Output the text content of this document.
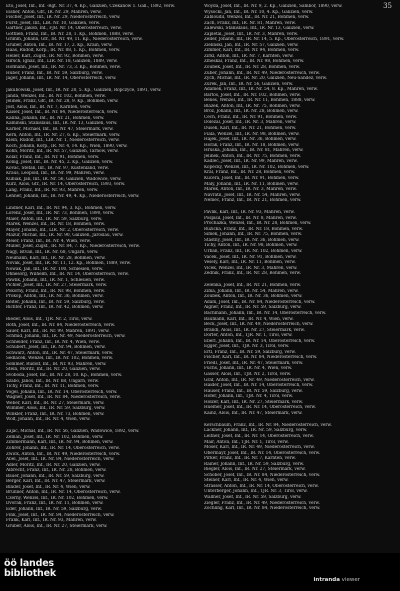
35
Eto, Josef, Inf., Inf. -Rgt. Nr. 37, 4. Kp., Galizien, Czekanów 1. Gall., 1892, verw.
Eisner, Anton, Gfr., IR. Nr. 29, Mähren, verw.
Fischer, Josef, Inf., IR. Nr. 29, Niederösterreich, verw.
Fürst, Josef, Inf., LIR. Nr. 10, Galizien, verw.
Gärtner, Jakob, Inf., FJB. Nr. 14, Oberösterreich, verw.
Gottlieb, Franz, Inf., IR. Nr. 28, 1. Kp., Böhmen, 1888, verw.
Grimm, Johann, Gfr., IR. Nr. 49, 11. Kp., Niederösterreich, verw.
Gruber, Anton, Inf., IR. Nr. 17, 2. Kp., Krain, verw.
Haas, Rudolf, Korp., IR. Nr. 88, 1. Kp., Böhmen, verw.
Heller, Karl, Zugsf., IR. Nr. 92, Böhmen, verw.
Hirsch, Ignaz, Inf., LIR. Nr. 18, Galizien, 1889, verw.
Hofmann, Josef, Inf., IR. Nr. 73, 3. Kp., Böhmen, verw.
Huber, Franz, Inf., IR. Nr. 59, Salzburg, verw.
Jäger, Johann, Inf., IR. Nr. 14, Oberösterreich, verw.
Jakubowski, Josef, Inf., IR. Nr. 20, 5. Kp., Galizien, Ropczyce, 1891, verw.
Janda, Wenzel, Inf., IR. Nr. 102, Böhmen, verw.
Jelinek, Franz, Gfr., IR. Nr. 28, 9. Kp., Böhmen, verw.
Jost, Alois, Inf., IR. Nr. 7, Kärnten, verw.
Kaiser, Josef, Inf., IR. Nr. 84, Niederösterreich, verw.
Kalina, Johann, Inf., IR. Nr. 21, Böhmen, verw.
Kaminski, Stanislaus, Inf., IR. Nr. 13, Galizien, verw.
Karner, Michael, Inf., IR. Nr. 47, Steiermark, verw.
Kern, Anton, Inf., IR. Nr. 27, 6. Kp., Steiermark, verw.
Klein, Rudolf, Inf., LIR. Nr. 1, Niederösterreich, verw.
Koch, Johann, Korp., IR. Nr. 4, 14. Kp., Wien, 1890, verw.
Kohn, Moritz, Inf., IR. Nr. 57, Galizien, Tarnów, verw.
Kolar, Franz, Inf., IR. Nr. 91, Böhmen, verw.
König, Josef, Inf., IR. Nr. 45, 2. Kp., Galizien, verw.
Kovač, Stefan, Inf., IR. Nr. 97, Küstenland, verw.
Kraus, Leopold, Inf., IR. Nr. 99, Mähren, verw.
Kubiak, Jan, Inf., IR. Nr. 56, Galizien, Wadowice, verw.
Kurz, Alois, Gfr., IR. Nr. 14, Oberösterreich, 1893, verw.
Lang, Franz, Inf., IR. Nr. 93, Mähren, verw.
Lehner, Johann, Inf., IR. Nr. 49, 4. Kp., Niederösterreich, verw.
Lindner, Karl, Inf., IR. Nr. 94, 3. Kp., Böhmen, verw.
Lorenz, Josef, Inf., IR. Nr. 73, Böhmen, 1890, verw.
Maier, Anton, Inf., IR. Nr. 59, Salzburg, verw.
Marek, Wenzel, Inf., IR. Nr. 18, Böhmen, verw.
Mayer, Johann, Inf., LIR. Nr. 2, Oberösterreich, verw.
Mazur, Michał, Inf., IR. Nr. 90, Galizien, Jaroslau, verw.
Meier, Franz, Inf., IR. Nr. 4, Wien, verw.
Müller, Josef, Zugsf., IR. Nr. 84, 7. Kp., Niederösterreich, verw.
Nagy, István, Inf., IR. Nr. 68, Ungarn, verw.
Neumann, Karl, Inf., IR. Nr. 28, Böhmen, verw.
Novak, Josef, Inf., IR. Nr. 11, 12. Kp., Böhmen, 1889, verw.
Nowak, Jan, Inf., IR. Nr. 100, Schlesien, verw.
Ohnesorg, Wilhelm, Inf., IR. Nr. 14, Oberösterreich, verw.
Pawlik, Johann, Inf., IR. Nr. 1, Schlesien, verw.
Pichler, Josef, Inf., IR. Nr. 27, Steiermark, verw.
Pokorny, Franz, Inf., IR. Nr. 98, Böhmen, verw.
Prokop, Anton, Inf., IR. Nr. 36, Böhmen, verw.
Reiter, Johann, Inf., IR. Nr. 59, Salzburg, verw.
Richter, Franz, Inf., IR. Nr. 42, Böhmen, verw.
Rieder, Alois, Inf., TJR. Nr. 2, Tirol, verw.
Roth, Josef, Inf., IR. Nr. 84, Niederösterreich, verw.
Sauer, Karl, Inf., IR. Nr. 99, Mähren, 1891, verw.
Schmid, Johann, Inf., IR. Nr. 49, Niederösterreich, verw.
Schneider, Franz, Inf., IR. Nr. 4, Wien, verw.
Schubert, Josef, Inf., IR. Nr. 94, Böhmen, verw.
Schwarz, Anton, Inf., IR. Nr. 47, Steiermark, verw.
Sedláček, Wenzel, Inf., IR. Nr. 102, Böhmen, verw.
Sommer, Rudolf, Inf., IR. Nr. 93, Mähren, verw.
Stein, Moritz, Inf., IR. Nr. 20, Galizien, verw.
Svoboda, Josef, Inf., IR. Nr. 28, 10. Kp., Böhmen, verw.
Szabo, Janos, Inf., IR. Nr. 68, Ungarn, verw.
Tichy, Franz, Inf., IR. Nr. 11, Böhmen, verw.
Vogel, Johann, Inf., IR. Nr. 14, Oberösterreich, verw.
Wagner, Josef, Inf., IR. Nr. 84, Niederösterreich, verw.
Weber, Karl, Inf., IR. Nr. 27, Steiermark, verw.
Wimmer, Alois, Inf., IR. Nr. 59, Salzburg, verw.
Winkler, Franz, Inf., IR. Nr. 73, Böhmen, verw.
Wolf, Johann, Inf., IR. Nr. 4, Wien, verw.
Zajac, Michał, Inf., IR. Nr. 56, Galizien, Wadowice, 1892, verw.
Zeman, Josef, Inf., IR. Nr. 102, Böhmen, verw.
Zimmermann, Karl, Inf., IR. Nr. 94, Böhmen, verw.
Zöhrer, Johann, Inf., IR. Nr. 14, Oberösterreich, verw.
Zwick, Anton, Inf., IR. Nr. 49, Niederösterreich, verw.
Abel, Josef, Inf., IR. Nr. 84, Niederösterreich, verw.
Adler, Moritz, Inf., IR. Nr. 20, Galizien, verw.
Albrecht, Franz, Inf., IR. Nr. 28, Böhmen, verw.
Bauer, Johann, Inf., IR. Nr. 59, Salzburg, verw.
Berger, Karl, Inf., IR. Nr. 47, Steiermark, verw.
Binder, Josef, Inf., IR. Nr. 4, Wien, verw.
Brunner, Anton, Inf., IR. Nr. 14, Oberösterreich, verw.
Czerny, Wenzel, Inf., IR. Nr. 102, Böhmen, verw.
Dvořák, Franz, Inf., IR. Nr. 11, Böhmen, verw.
Eder, Johann, Inf., IR. Nr. 59, Salzburg, verw.
Fink, Josef, Inf., IR. Nr. 84, Niederösterreich, verw.
Frank, Karl, Inf., IR. Nr. 93, Mähren, verw.
Gruber, Alois, Inf., IR. Nr. 27, Steiermark, verw.
Woyda, Josef, Inf., IR. Nr. 9, 2. Kp., Galizien, Sambor, 1890, verw.
Wysocki, Jan, Inf., IR. Nr. 10, 4. Kp., Galizien, verw.
Zabloudil, Wenzel, Inf., IR. Nr. 21, Böhmen, verw.
Zach, Franz, Inf., IR. Nr. 81, Mähren, verw.
Zalewski, Stanislaus, Inf., IR. Nr. 13, Galizien, verw.
Zapletal, Josef, Inf., IR. Nr. 3, Mähren, verw.
Zeller, Johann, Inf., IR. Nr. 14, 5. Kp., Oberösterreich, 1891, verw.
Zielinski, Jan, Inf., IR. Nr. 57, Galizien, verw.
Zimmer, Karl, Inf., IR. Nr. 94, Böhmen, verw.
Zirkl, Anton, Inf., IR. Nr. 7, Kärnten, verw.
Zmeškal, Franz, Inf., IR. Nr. 98, Böhmen, verw.
Zoubek, Josef, Inf., IR. Nr. 28, Böhmen, verw.
Zuber, Johann, Inf., IR. Nr. 49, Niederösterreich, verw.
Zych, Michał, Inf., IR. Nr. 20, Galizien, Neu-Sandez, verw.
Żurek, Jan, Inf., IR. Nr. 56, Galizien, verw.
Adamek, Franz, Inf., IR. Nr. 54, 8. Kp., Mähren, verw.
Bartoš, Josef, Inf., IR. Nr. 102, Böhmen, verw.
Beneš, Wenzel, Inf., IR. Nr. 11, Böhmen, 1888, verw.
Blažek, Anton, Inf., IR. Nr. 75, Böhmen, verw.
Brož, Johann, Inf., IR. Nr. 28, Böhmen, verw.
Čech, Franz, Inf., IR. Nr. 91, Böhmen, verw.
Doležal, Josef, Inf., IR. Nr. 3, Mähren, verw.
Dušek, Karl, Inf., IR. Nr. 21, Böhmen, verw.
Fiala, Wenzel, Inf., IR. Nr. 98, Böhmen, verw.
Hájek, Josef, Inf., IR. Nr. 36, Böhmen, verw.
Horák, Franz, Inf., IR. Nr. 18, Böhmen, verw.
Hruška, Johann, Inf., IR. Nr. 81, Mähren, verw.
Jelínek, Anton, Inf., IR. Nr. 75, Böhmen, verw.
Kadlec, Josef, Inf., IR. Nr. 99, Mähren, verw.
Kopecký, Wenzel, Inf., IR. Nr. 102, Böhmen, verw.
Král, Franz, Inf., IR. Nr. 28, Böhmen, verw.
Kučera, Josef, Inf., IR. Nr. 91, Böhmen, verw.
Malý, Johann, Inf., IR. Nr. 11, Böhmen, verw.
Marek, Anton, Inf., IR. Nr. 3, Mähren, verw.
Navrátil, Josef, Inf., IR. Nr. 54, Mähren, verw.
Němec, Franz, Inf., IR. Nr. 21, Böhmen, verw.
Pavlík, Karl, Inf., IR. Nr. 93, Mähren, verw.
Pospíšil, Josef, Inf., IR. Nr. 8, Mähren, verw.
Procházka, Wenzel, Inf., IR. Nr. 28, Böhmen, verw.
Růžička, Franz, Inf., IR. Nr. 18, Böhmen, verw.
Šimek, Johann, Inf., IR. Nr. 75, Böhmen, verw.
Šťastný, Josef, Inf., IR. Nr. 36, Böhmen, verw.
Tichý, Anton, Inf., IR. Nr. 98, Böhmen, verw.
Urban, Franz, Inf., IR. Nr. 102, Böhmen, verw.
Vacek, Josef, Inf., IR. Nr. 91, Böhmen, verw.
Veselý, Karl, Inf., IR. Nr. 11, Böhmen, verw.
Vlček, Wenzel, Inf., IR. Nr. 3, Mähren, verw.
Zedník, Franz, Inf., IR. Nr. 28, Böhmen, verw.
Zelenka, Josef, Inf., IR. Nr. 21, Böhmen, verw.
Zíma, Johann, Inf., IR. Nr. 54, Mähren, verw.
Zoubek, Anton, Inf., IR. Nr. 36, Böhmen, verw.
Adam, Josef, Inf., IR. Nr. 84, Niederösterreich, verw.
Aigner, Franz, Inf., IR. Nr. 59, Salzburg, verw.
Bachmann, Johann, Inf., IR. Nr. 14, Oberösterreich, verw.
Baumann, Karl, Inf., IR. Nr. 4, Wien, verw.
Beck, Josef, Inf., IR. Nr. 49, Niederösterreich, verw.
Brandl, Alois, Inf., IR. Nr. 27, Steiermark, verw.
Dorfer, Anton, Inf., TJR. Nr. 1, Tirol, verw.
Eberl, Johann, Inf., IR. Nr. 14, Oberösterreich, verw.
Egger, Josef, Inf., TJR. Nr. 3, Tirol, verw.
Ertl, Franz, Inf., IR. Nr. 59, Salzburg, verw.
Fischer, Karl, Inf., IR. Nr. 84, Niederösterreich, verw.
Friedl, Josef, Inf., IR. Nr. 47, Steiermark, verw.
Fuchs, Johann, Inf., IR. Nr. 4, Wien, verw.
Gasser, Alois, Inf., TJR. Nr. 2, Tirol, verw.
Graf, Anton, Inf., IR. Nr. 49, Niederösterreich, verw.
Haider, Josef, Inf., IR. Nr. 14, Oberösterreich, verw.
Hauser, Franz, Inf., IR. Nr. 59, Salzburg, verw.
Hofer, Johann, Inf., TJR. Nr. 4, Tirol, verw.
Holzer, Karl, Inf., IR. Nr. 27, Steiermark, verw.
Huemer, Josef, Inf., IR. Nr. 14, Oberösterreich, verw.
Kainz, Alois, Inf., IR. Nr. 47, Steiermark, verw.
Kerschbaum, Franz, Inf., IR. Nr. 84, Niederösterreich, verw.
Lackner, Johann, Inf., IR. Nr. 59, Salzburg, verw.
Leitner, Josef, Inf., IR. Nr. 14, Oberösterreich, verw.
Mair, Anton, Inf., TJR. Nr. 1, Tirol, verw.
Moser, Karl, Inf., IR. Nr. 49, Niederösterreich, verw.
Obermayr, Josef, Inf., IR. Nr. 14, Oberösterreich, verw.
Pirker, Franz, Inf., IR. Nr. 7, Kärnten, verw.
Rainer, Johann, Inf., IR. Nr. 59, Salzburg, verw.
Riegler, Alois, Inf., IR. Nr. 27, Steiermark, verw.
Schober, Josef, Inf., IR. Nr. 84, Niederösterreich, verw.
Steiner, Karl, Inf., IR. Nr. 4, Wien, verw.
Strasser, Anton, Inf., IR. Nr. 14, Oberösterreich, verw.
Unterberger, Johann, Inf., TJR. Nr. 3, Tirol, verw.
Wallner, Josef, Inf., IR. Nr. 59, Salzburg, verw.
Ziegler, Franz, Inf., IR. Nr. 49, Niederösterreich, verw.
Zöchling, Karl, Inf., IR. Nr. 84, Niederösterreich, verw.
öö landes
bibliothek
intranda viewer
